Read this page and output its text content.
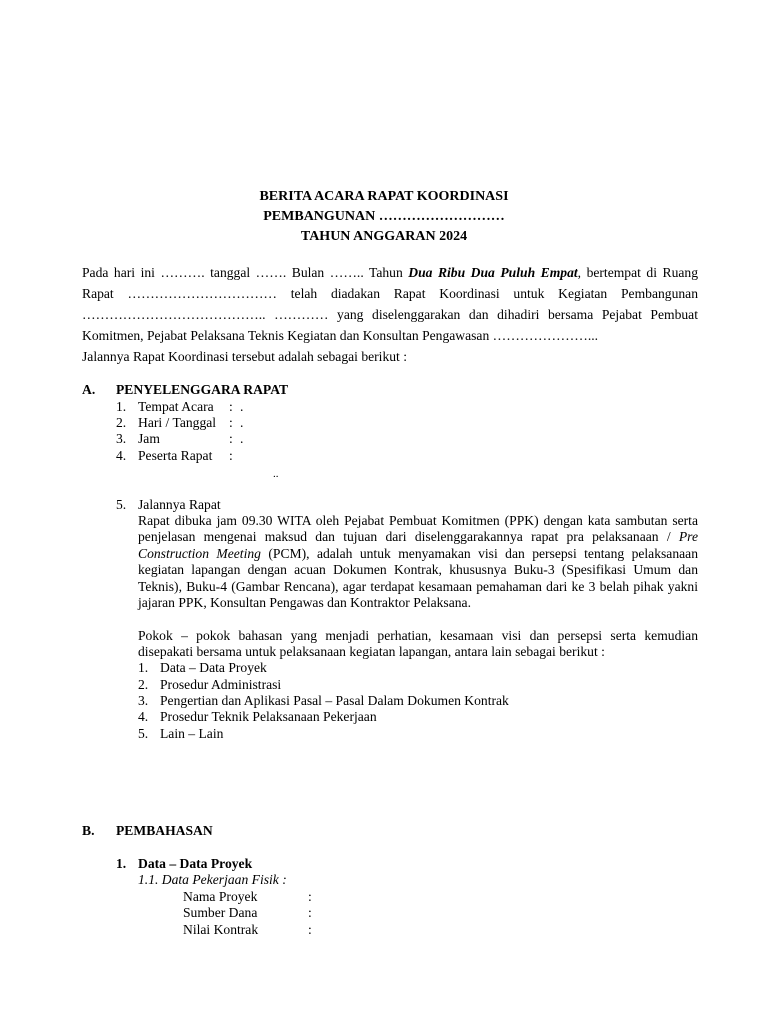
BERITA ACARA RAPAT KOORDINASI
PEMBANGUNAN ………………………
TAHUN ANGGARAN 2024
Pada hari ini ………. tanggal ……. Bulan …….. Tahun Dua Ribu Dua Puluh Empat, bertempat di Ruang
Rapat …………………………… telah diadakan Rapat Koordinasi untuk Kegiatan Pembangunan
………………………………….. ………… yang diselenggarakan dan dihadiri bersama Pejabat Pembuat
Komitmen, Pejabat Pelaksana Teknis Kegiatan dan Konsultan Pengawasan …………………...
Jalannya Rapat Koordinasi tersebut adalah sebagai berikut :
A. PENYELENGGARA RAPAT
1. Tempat Acara : .
2. Hari / Tanggal : .
3. Jam	: .
4. Peserta Rapat :
..
5. Jalannya Rapat
Rapat dibuka jam 09.30 WITA oleh Pejabat Pembuat Komitmen (PPK) dengan kata sambutan serta
penjelasan mengenai maksud dan tujuan dari diselenggarakannya rapat pra pelaksanaan / Pre
Construction Meeting (PCM), adalah untuk menyamakan visi dan persepsi tentang pelaksanaan
kegiatan lapangan dengan acuan Dokumen Kontrak, khususnya Buku-3 (Spesifikasi Umum dan
Teknis), Buku-4 (Gambar Rencana), agar terdapat kesamaan pemahaman dari ke 3 belah pihak yakni
jajaran PPK, Konsultan Pengawas dan Kontraktor Pelaksana.
Pokok – pokok bahasan yang menjadi perhatian, kesamaan visi dan persepsi serta kemudian
disepakati bersama untuk pelaksanaan kegiatan lapangan, antara lain sebagai berikut :
1. Data – Data Proyek
2. Prosedur Administrasi
3. Pengertian dan Aplikasi Pasal – Pasal Dalam Dokumen Kontrak
4. Prosedur Teknik Pelaksanaan Pekerjaan
5. Lain – Lain
B. PEMBAHASAN
1. Data – Data Proyek
1.1. Data Pekerjaan Fisik :
Nama Proyek	:
Sumber Dana	:
Nilai Kontrak	:
